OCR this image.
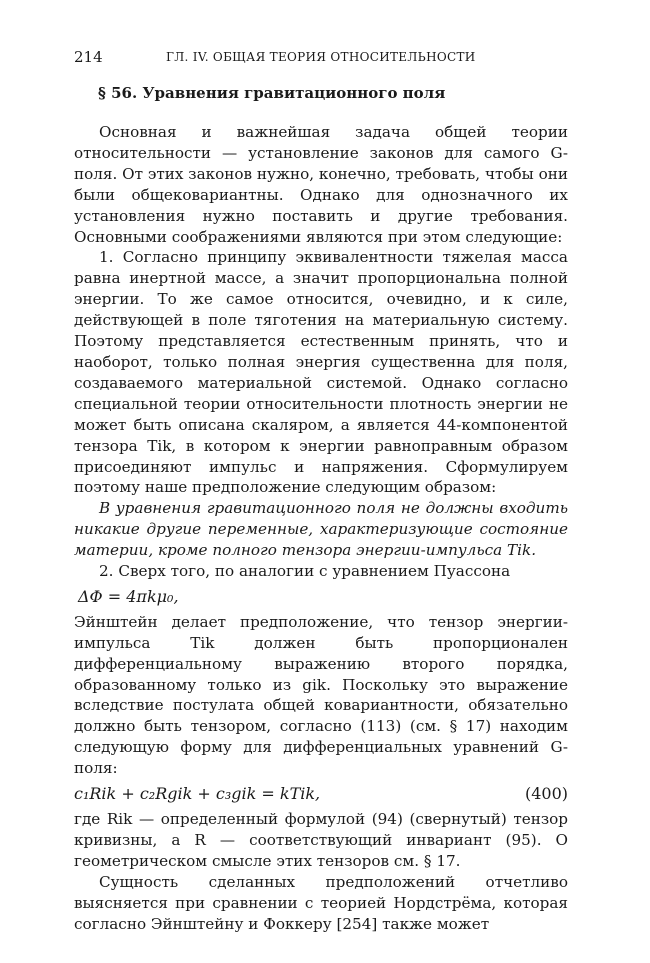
214	ГЛ. IV. ОБЩАЯ ТЕОРИЯ ОТНОСИТЕЛЬНОСТИ
§ 56. Уравнения гравитационного поля

Основная и важнейшая задача общей теории относительности — установление законов для самого G-поля. От этих законов нужно, конечно, требовать, чтобы они были общековариантны. Однако для однозначного их установления нужно поставить и другие требования. Основными соображениями являются при этом следующие:

1. Согласно принципу эквивалентности тяжелая масса равна инертной массе, а значит пропорциональна полной энергии. То же самое относится, очевидно, и к силе, действующей в поле тяготения на материальную систему. Поэтому представляется естественным принять, что и наоборот, только полная энергия существенна для поля, создаваемого материальной системой. Однако согласно специальной теории относительности плотность энергии не может быть описана скаляром, а является 44-компонентой тензора Tik, в котором к энергии равноправным образом присоединяют импульс и напряжения. Сформулируем поэтому наше предположение следующим образом:

В уравнения гравитационного поля не должны входить никакие другие переменные, характеризующие состояние материи, кроме полного тензора энергии-импульса Tik.

2. Сверх того, по аналогии с уравнением Пуассона

ΔΦ = 4πkμ₀,

Эйнштейн делает предположение, что тензор энергии-импульса Tik должен быть пропорционален дифференциальному выражению второго порядка, образованному только из gik. Поскольку это выражение вследствие постулата общей ковариантности, обязательно должно быть тензором, согласно (113) (см. § 17) находим следующую форму для дифференциальных уравнений G-поля:

c₁Rik + c₂Rgik + c₃gik = kTik,	(400)

где Rik — определенный формулой (94) (свернутый) тензор кривизны, а R — соответствующий инвариант (95). О геометрическом смысле этих тензоров см. § 17.

Сущность сделанных предположений отчетливо выясняется при сравнении с теорией Нордстрёма, которая согласно Эйнштейну и Фоккеру [254] также может
